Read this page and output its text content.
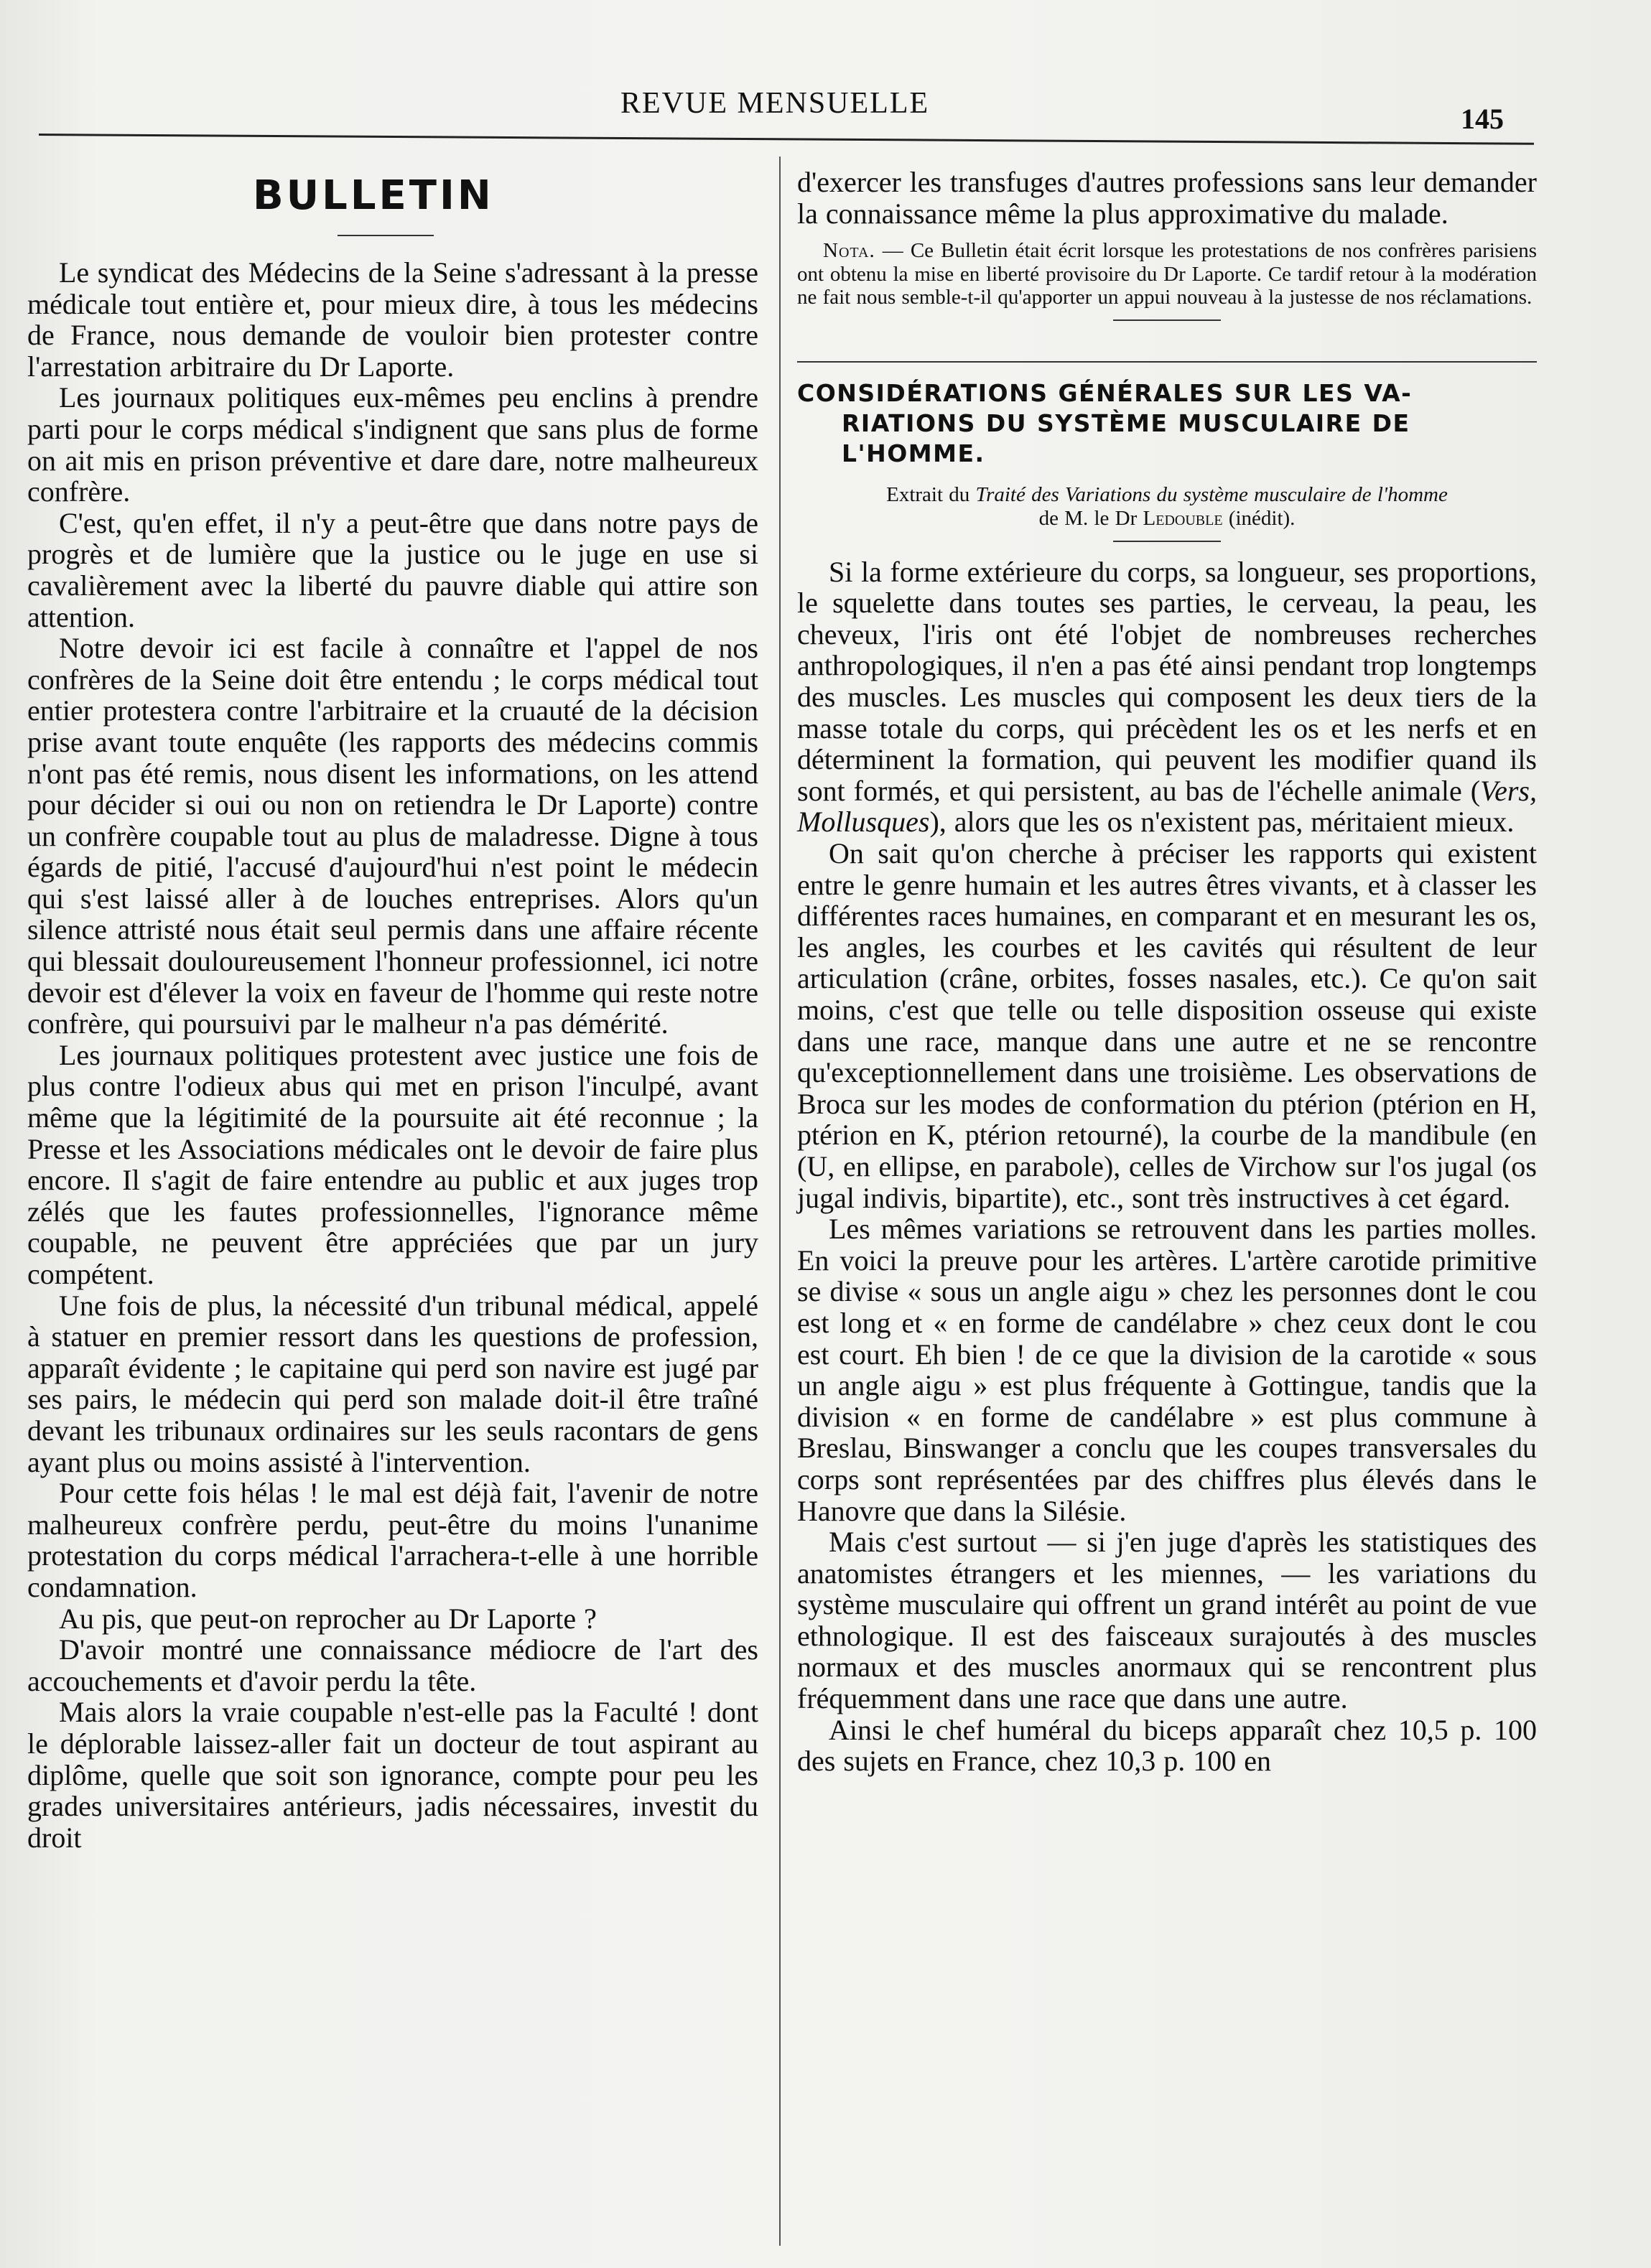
REVUE MENSUELLE	145
BULLETIN

Le syndicat des Médecins de la Seine s'adressant à la presse médicale tout entière et, pour mieux dire, à tous les médecins de France, nous demande de vouloir bien protester contre l'arrestation arbitraire du Dr Laporte.

Les journaux politiques eux-mêmes peu enclins à prendre parti pour le corps médical s'indignent que sans plus de forme on ait mis en prison préventive et dare dare, notre malheureux confrère.

C'est, qu'en effet, il n'y a peut-être que dans notre pays de progrès et de lumière que la justice ou le juge en use si cavalièrement avec la liberté du pauvre diable qui attire son attention.

Notre devoir ici est facile à connaître et l'appel de nos confrères de la Seine doit être entendu ; le corps médical tout entier protestera contre l'arbitraire et la cruauté de la décision prise avant toute enquête (les rapports des médecins commis n'ont pas été remis, nous disent les informations, on les attend pour décider si oui ou non on retiendra le Dr Laporte) contre un confrère coupable tout au plus de maladresse. Digne à tous égards de pitié, l'accusé d'aujourd'hui n'est point le médecin qui s'est laissé aller à de louches entreprises. Alors qu'un silence attristé nous était seul permis dans une affaire récente qui blessait douloureusement l'honneur professionnel, ici notre devoir est d'élever la voix en faveur de l'homme qui reste notre confrère, qui poursuivi par le malheur n'a pas démérité.

Les journaux politiques protestent avec justice une fois de plus contre l'odieux abus qui met en prison l'inculpé, avant même que la légitimité de la poursuite ait été reconnue ; la Presse et les Associations médicales ont le devoir de faire plus encore. Il s'agit de faire entendre au public et aux juges trop zélés que les fautes professionnelles, l'ignorance même coupable, ne peuvent être appréciées que par un jury compétent.

Une fois de plus, la nécessité d'un tribunal médical, appelé à statuer en premier ressort dans les questions de profession, apparaît évidente ; le capitaine qui perd son navire est jugé par ses pairs, le médecin qui perd son malade doit-il être traîné devant les tribunaux ordinaires sur les seuls racontars de gens ayant plus ou moins assisté à l'intervention.

Pour cette fois hélas ! le mal est déjà fait, l'avenir de notre malheureux confrère perdu, peut-être du moins l'unanime protestation du corps médical l'arrachera-t-elle à une horrible condamnation.

Au pis, que peut-on reprocher au Dr Laporte ?

D'avoir montré une connaissance médiocre de l'art des accouchements et d'avoir perdu la tête.

Mais alors la vraie coupable n'est-elle pas la Faculté ! dont le déplorable laissez-aller fait un docteur de tout aspirant au diplôme, quelle que soit son ignorance, compte pour peu les grades universitaires antérieurs, jadis nécessaires, investit du droit

d'exercer les transfuges d'autres professions sans leur demander la connaissance même la plus approximative du malade.

Nota. — Ce Bulletin était écrit lorsque les protestations de nos confrères parisiens ont obtenu la mise en liberté provisoire du Dr Laporte. Ce tardif retour à la modération ne fait nous semble-t-il qu'apporter un appui nouveau à la justesse de nos réclamations.
CONSIDÉRATIONS GÉNÉRALES SUR LES VA-
RIATIONS DU SYSTÈME MUSCULAIRE DE
L'HOMME.
Extrait du Traité des Variations du système musculaire de l'homme
de M. le Dr Ledouble (inédit).

Si la forme extérieure du corps, sa longueur, ses proportions, le squelette dans toutes ses parties, le cerveau, la peau, les cheveux, l'iris ont été l'objet de nombreuses recherches anthropologiques, il n'en a pas été ainsi pendant trop longtemps des muscles. Les muscles qui composent les deux tiers de la masse totale du corps, qui précèdent les os et les nerfs et en déterminent la formation, qui peuvent les modifier quand ils sont formés, et qui persistent, au bas de l'échelle animale (Vers, Mollusques), alors que les os n'existent pas, méritaient mieux.

On sait qu'on cherche à préciser les rapports qui existent entre le genre humain et les autres êtres vivants, et à classer les différentes races humaines, en comparant et en mesurant les os, les angles, les courbes et les cavités qui résultent de leur articulation (crâne, orbites, fosses nasales, etc.). Ce qu'on sait moins, c'est que telle ou telle disposition osseuse qui existe dans une race, manque dans une autre et ne se rencontre qu'exceptionnellement dans une troisième. Les observations de Broca sur les modes de conformation du ptérion (ptérion en H, ptérion en K, ptérion retourné), la courbe de la mandibule (en (U, en ellipse, en parabole), celles de Virchow sur l'os jugal (os jugal indivis, bipartite), etc., sont très instructives à cet égard.

Les mêmes variations se retrouvent dans les parties molles. En voici la preuve pour les artères. L'artère carotide primitive se divise « sous un angle aigu » chez les personnes dont le cou est long et « en forme de candélabre » chez ceux dont le cou est court. Eh bien ! de ce que la division de la carotide « sous un angle aigu » est plus fréquente à Gottingue, tandis que la division « en forme de candélabre » est plus commune à Breslau, Binswanger a conclu que les coupes transversales du corps sont représentées par des chiffres plus élevés dans le Hanovre que dans la Silésie.

Mais c'est surtout — si j'en juge d'après les statistiques des anatomistes étrangers et les miennes, — les variations du système musculaire qui offrent un grand intérêt au point de vue ethnologique. Il est des faisceaux surajoutés à des muscles normaux et des muscles anormaux qui se rencontrent plus fréquemment dans une race que dans une autre.

Ainsi le chef huméral du biceps apparaît chez 10,5 p. 100 des sujets en France, chez 10,3 p. 100 en
